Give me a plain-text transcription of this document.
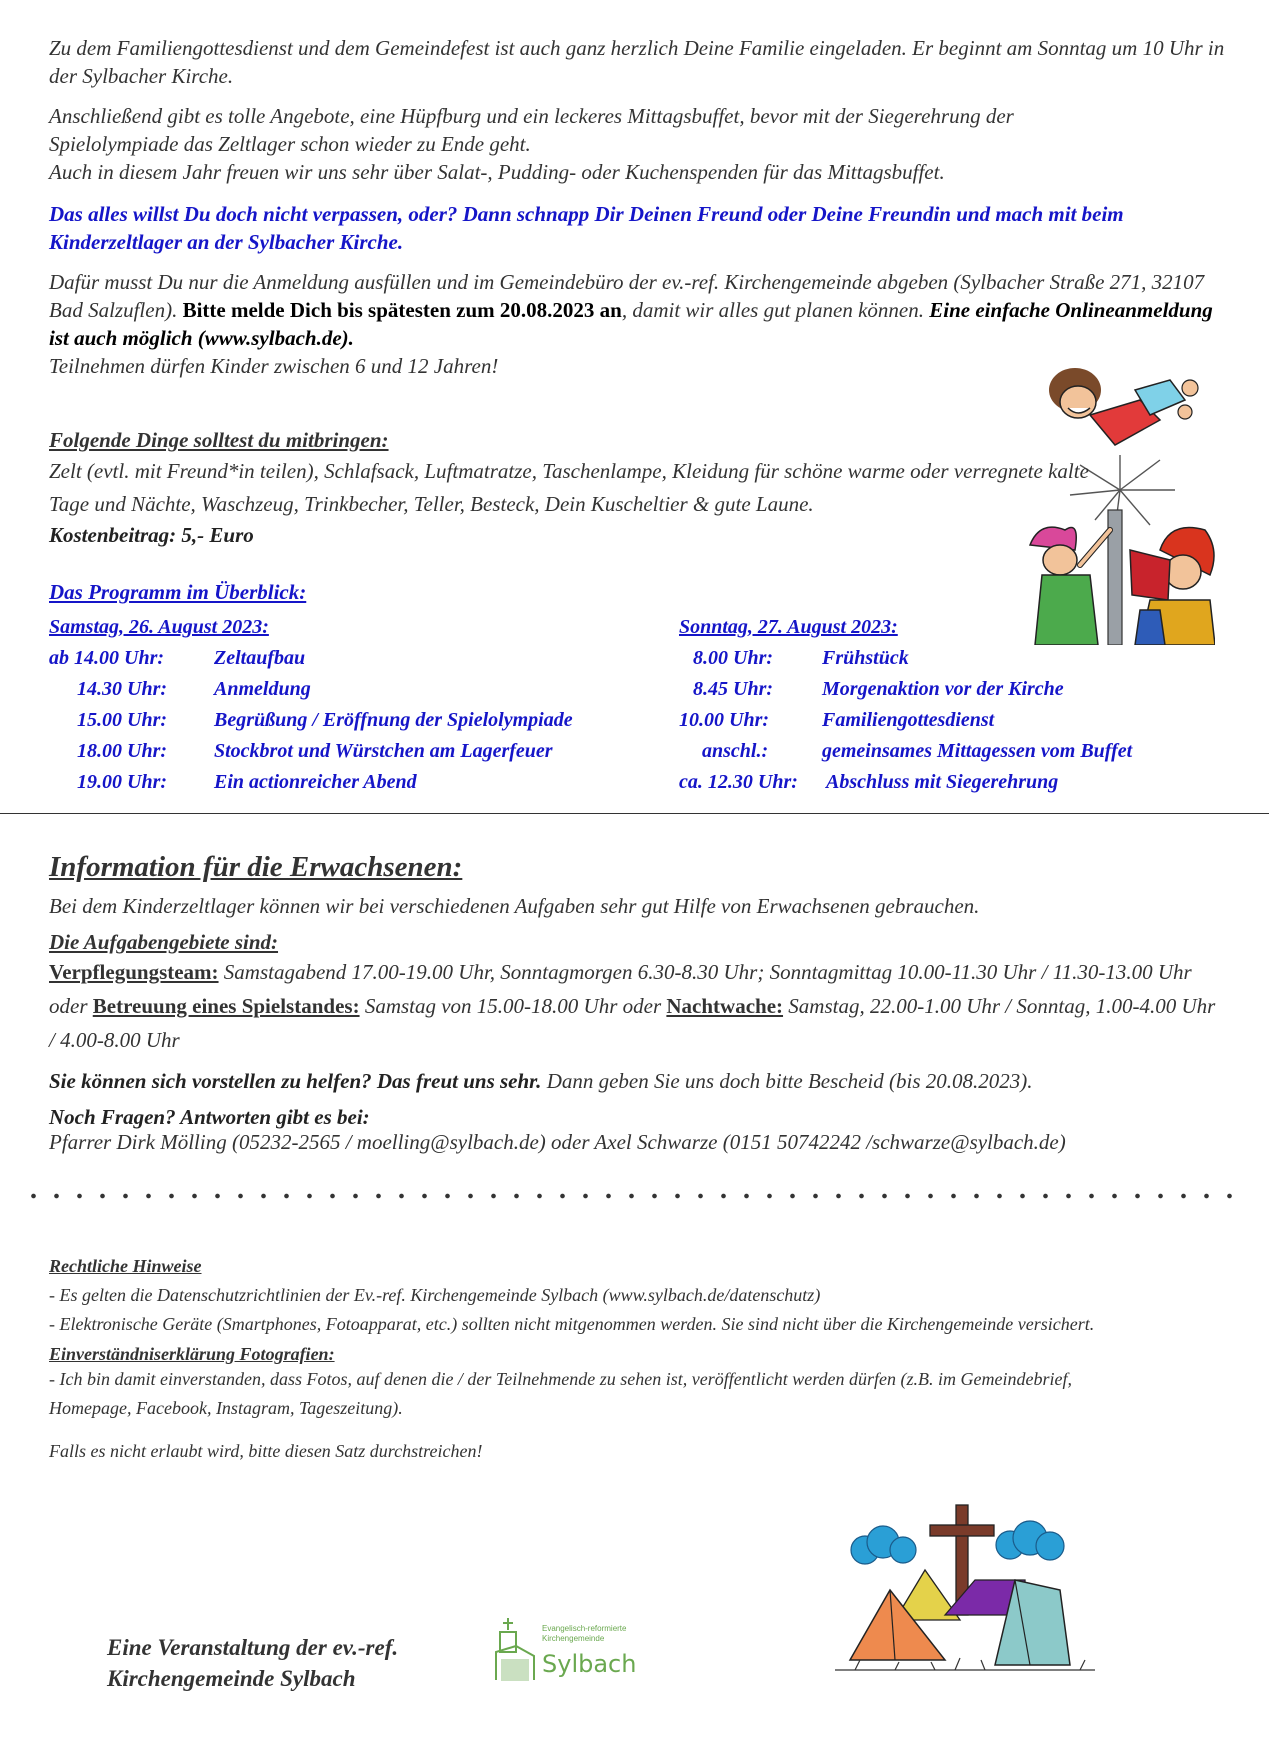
Zu dem Familiengottesdienst und dem Gemeindefest ist auch ganz herzlich Deine Familie eingeladen. Er beginnt am Sonntag um 10 Uhr in der Sylbacher Kirche.

Anschließend gibt es tolle Angebote, eine Hüpfburg und ein leckeres Mittagsbuffet, bevor mit der Siegerehrung der

Spielolympiade das Zeltlager schon wieder zu Ende geht.

Auch in diesem Jahr freuen wir uns sehr über Salat-, Pudding- oder Kuchenspenden für das Mittagsbuffet.

Das alles willst Du doch nicht verpassen, oder? Dann schnapp Dir Deinen Freund oder Deine Freundin und mach mit beim Kinderzeltlager an der Sylbacher Kirche.

Dafür musst Du nur die Anmeldung ausfüllen und im Gemeindebüro der ev.-ref. Kirchengemeinde abgeben (Sylbacher Straße 271, 32107 Bad Salzuflen). Bitte melde Dich bis spätesten zum 20.08.2023 an, damit wir alles gut planen können. Eine einfache Onlineanmeldung ist auch möglich (www.sylbach.de).

Teilnehmen dürfen Kinder zwischen 6 und 12 Jahren!

Folgende Dinge solltest du mitbringen:
Zelt (evtl. mit Freund*in teilen), Schlafsack, Luftmatratze, Taschenlampe, Kleidung für schöne warme oder verregnete kalte Tage und Nächte, Waschzeug, Trinkbecher, Teller, Besteck, Dein Kuscheltier & gute Laune.
Kostenbeitrag: 5,- Euro
Das Programm im Überblick:
Samstag, 26. August 2023:
ab 14.00 Uhr: Zeltaufbau
14.30 Uhr: Anmeldung
15.00 Uhr: Begrüßung / Eröffnung der Spielolympiade
18.00 Uhr: Stockbrot und Würstchen am Lagerfeuer
19.00 Uhr: Ein actionreicher Abend
Sonntag, 27. August 2023:
8.00 Uhr: Frühstück
8.45 Uhr: Morgenaktion vor der Kirche
10.00 Uhr:	Familiengottesdienst
anschl.:	gemeinsames Mittagessen vom Buffet
ca. 12.30 Uhr: Abschluss mit Siegerehrung
Information für die Erwachsenen:
Bei dem Kinderzeltlager können wir bei verschiedenen Aufgaben sehr gut Hilfe von Erwachsenen gebrauchen.
Die Aufgabengebiete sind:
Verpflegungsteam: Samstagabend 17.00-19.00 Uhr, Sonntagmorgen 6.30-8.30 Uhr; Sonntagmittag 10.00-11.30 Uhr / 11.30-13.00 Uhr oder Betreuung eines Spielstandes: Samstag von 15.00-18.00 Uhr oder Nachtwache: Samstag, 22.00-1.00 Uhr / Sonntag, 1.00-4.00 Uhr / 4.00-8.00 Uhr
Sie können sich vorstellen zu helfen? Das freut uns sehr. Dann geben Sie uns doch bitte Bescheid (bis 20.08.2023).
Noch Fragen? Antworten gibt es bei:
Pfarrer Dirk Mölling (05232-2565 / moelling@sylbach.de) oder Axel Schwarze (0151 50742242 /schwarze@sylbach.de)
Rechtliche Hinweise
- Es gelten die Datenschutzrichtlinien der Ev.-ref. Kirchengemeinde Sylbach (www.sylbach.de/datenschutz)
- Elektronische Geräte (Smartphones, Fotoapparat, etc.) sollten nicht mitgenommen werden. Sie sind nicht über die Kirchengemeinde versichert.
Einverständniserklärung Fotografien:
- Ich bin damit einverstanden, dass Fotos, auf denen die / der Teilnehmende zu sehen ist, veröffentlicht werden dürfen (z.B. im Gemeindebrief, Homepage, Facebook, Instagram, Tageszeitung).
Falls es nicht erlaubt wird, bitte diesen Satz durchstreichen!
Eine Veranstaltung der ev.-ref.
Kirchengemeinde Sylbach
Evangelisch-reformierte Kirchengemeinde
Sylbach
